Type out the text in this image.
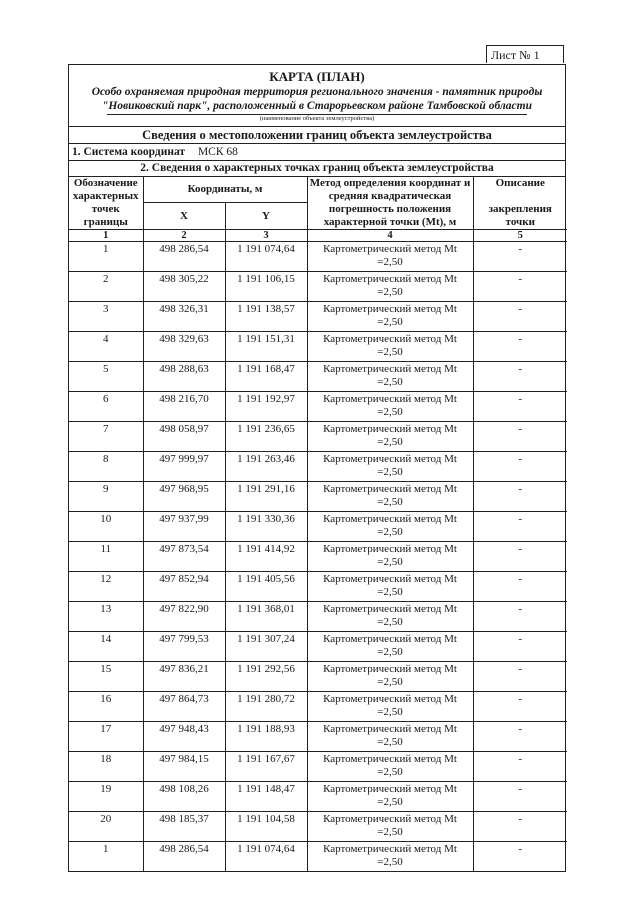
Лист № 1
КАРТА (ПЛАН)
Особо охраняемая природная территория регионального значения - памятник природы
"Новиковский парк", расположенный в Старорьевском районе Тамбовской области
(наименование объекта землеустройства)
Сведения о местоположении границ объекта землеустройства
1. Система координат МСК 68
2. Сведения о характерных точках границ объекта землеустройства
Обозначение характерных точек границы	Координаты, м		Метод определения координат и средняя квадратическая погрешность положения характерной точки (Mt), м	Описание
закрепления точки

	X	Y		
1	2	3	4	5
1	498 286,54	1 191 074,64	Картометрический метод Mt
=2,50	-
2	498 305,22	1 191 106,15	Картометрический метод Mt
=2,50	-
3	498 326,31	1 191 138,57	Картометрический метод Mt
=2,50	-
4	498 329,63	1 191 151,31	Картометрический метод Mt
=2,50	-
5	498 288,63	1 191 168,47	Картометрический метод Mt
=2,50	-
6	498 216,70	1 191 192,97	Картометрический метод Mt
=2,50	-
7	498 058,97	1 191 236,65	Картометрический метод Mt
=2,50	-
8	497 999,97	1 191 263,46	Картометрический метод Mt
=2,50	-
9	497 968,95	1 191 291,16	Картометрический метод Mt
=2,50	-
10	497 937,99	1 191 330,36	Картометрический метод Mt
=2,50	-
11	497 873,54	1 191 414,92	Картометрический метод Mt
=2,50	-
12	497 852,94	1 191 405,56	Картометрический метод Mt
=2,50	-
13	497 822,90	1 191 368,01	Картометрический метод Mt
=2,50	-
14	497 799,53	1 191 307,24	Картометрический метод Mt
=2,50	-
15	497 836,21	1 191 292,56	Картометрический метод Mt
=2,50	-
16	497 864,73	1 191 280,72	Картометрический метод Mt
=2,50	-
17	497 948,43	1 191 188,93	Картометрический метод Mt
=2,50	-
18	497 984,15	1 191 167,67	Картометрический метод Mt
=2,50	-
19	498 108,26	1 191 148,47	Картометрический метод Mt
=2,50	-
20	498 185,37	1 191 104,58	Картометрический метод Mt
=2,50	-
1	498 286,54	1 191 074,64	Картометрический метод Mt
=2,50	-
